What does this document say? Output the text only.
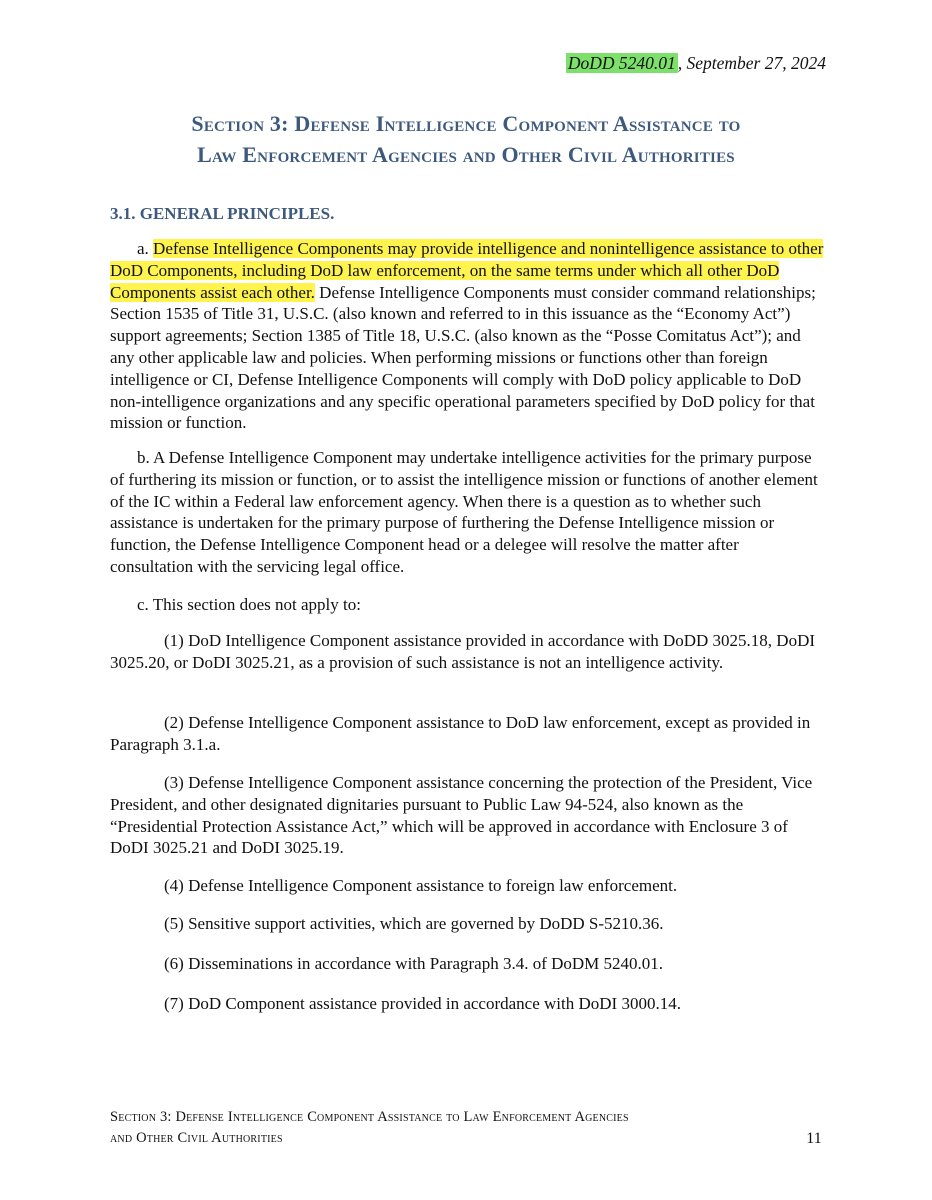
DoDD 5240.01 , September 27, 2024
Section 3: Defense Intelligence Component Assistance to
Law Enforcement Agencies and Other Civil Authorities
3.1. GENERAL PRINCIPLES.

a. Defense Intelligence Components may provide intelligence and nonintelligence assistance to other DoD Components, including DoD law enforcement, on the same terms under which all other DoD Components assist each other. Defense Intelligence Components must consider command relationships; Section 1535 of Title 31, U.S.C. (also known and referred to in this issuance as the “Economy Act”) support agreements; Section 1385 of Title 18, U.S.C. (also known as the “Posse Comitatus Act”); and any other applicable law and policies. When performing missions or functions other than foreign intelligence or CI, Defense Intelligence Components will comply with DoD policy applicable to DoD non-intelligence organizations and any specific operational parameters specified by DoD policy for that mission or function.

b. A Defense Intelligence Component may undertake intelligence activities for the primary purpose of furthering its mission or function, or to assist the intelligence mission or functions of another element of the IC within a Federal law enforcement agency. When there is a question as to whether such assistance is undertaken for the primary purpose of furthering the Defense Intelligence mission or function, the Defense Intelligence Component head or a delegee will resolve the matter after consultation with the servicing legal office.

c. This section does not apply to:

(1) DoD Intelligence Component assistance provided in accordance with DoDD 3025.18, DoDI 3025.20, or DoDI 3025.21, as a provision of such assistance is not an intelligence activity.

(2) Defense Intelligence Component assistance to DoD law enforcement, except as provided in Paragraph 3.1.a.

(3) Defense Intelligence Component assistance concerning the protection of the President, Vice President, and other designated dignitaries pursuant to Public Law 94-524, also known as the “Presidential Protection Assistance Act,” which will be approved in accordance with Enclosure 3 of DoDI 3025.21 and DoDI 3025.19.

(4) Defense Intelligence Component assistance to foreign law enforcement.

(5) Sensitive support activities, which are governed by DoDD S-5210.36.

(6) Disseminations in accordance with Paragraph 3.4. of DoDM 5240.01.

(7) DoD Component assistance provided in accordance with DoDI 3000.14.

Section 3: Defense Intelligence Component Assistance to Law Enforcement Agencies
and Other Civil Authorities	11
